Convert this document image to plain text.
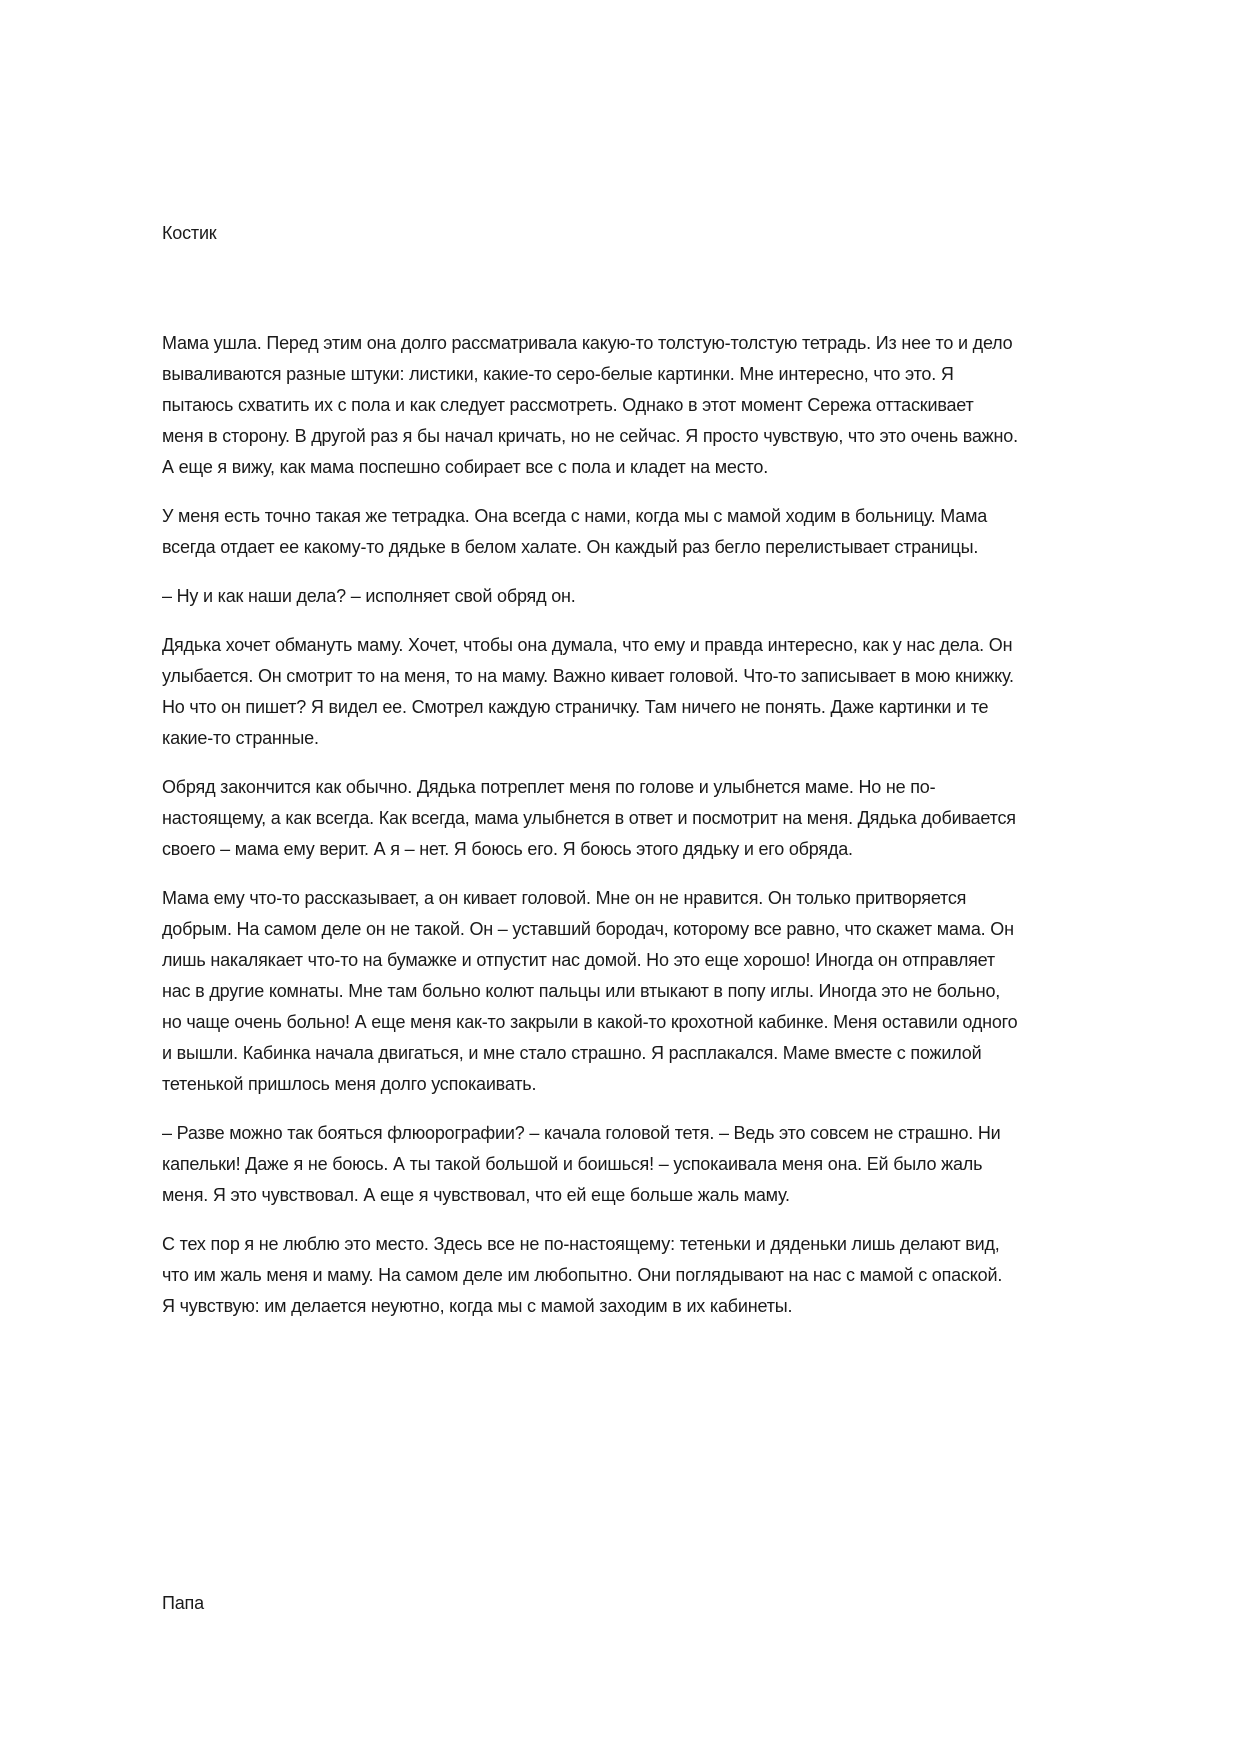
Костик

Мама ушла. Перед этим она долго рассматривала какую-то толстую-толстую тетрадь. Из нее то и дело вываливаются разные штуки: листики, какие-то серо-белые картинки. Мне интересно, что это. Я пытаюсь схватить их с пола и как следует рассмотреть. Однако в этот момент Сережа оттаскивает меня в сторону. В другой раз я бы начал кричать, но не сейчас. Я просто чувствую, что это очень важно. А еще я вижу, как мама поспешно собирает все с пола и кладет на место.

У меня есть точно такая же тетрадка. Она всегда с нами, когда мы с мамой ходим в больницу. Мама всегда отдает ее какому-то дядьке в белом халате. Он каждый раз бегло перелистывает страницы.

– Ну и как наши дела? – исполняет свой обряд он.

Дядька хочет обмануть маму. Хочет, чтобы она думала, что ему и правда интересно, как у нас дела. Он улыбается. Он смотрит то на меня, то на маму. Важно кивает головой. Что-то записывает в мою книжку. Но что он пишет? Я видел ее. Смотрел каждую страничку. Там ничего не понять. Даже картинки и те какие-то странные.

Обряд закончится как обычно. Дядька потреплет меня по голове и улыбнется маме. Но не по-настоящему, а как всегда. Как всегда, мама улыбнется в ответ и посмотрит на меня. Дядька добивается своего – мама ему верит. А я – нет. Я боюсь его. Я боюсь этого дядьку и его обряда.

Мама ему что-то рассказывает, а он кивает головой. Мне он не нравится. Он только притворяется добрым. На самом деле он не такой. Он – уставший бородач, которому все равно, что скажет мама. Он лишь накалякает что-то на бумажке и отпустит нас домой. Но это еще хорошо! Иногда он отправляет нас в другие комнаты. Мне там больно колют пальцы или втыкают в попу иглы. Иногда это не больно, но чаще очень больно! А еще меня как-то закрыли в какой-то крохотной кабинке. Меня оставили одного и вышли. Кабинка начала двигаться, и мне стало страшно. Я расплакался. Маме вместе с пожилой тетенькой пришлось меня долго успокаивать.

– Разве можно так бояться флюорографии? – качала головой тетя. – Ведь это совсем не страшно. Ни капельки! Даже я не боюсь. А ты такой большой и боишься! – успокаивала меня она. Ей было жаль меня. Я это чувствовал. А еще я чувствовал, что ей еще больше жаль маму.

С тех пор я не люблю это место. Здесь все не по-настоящему: тетеньки и дяденьки лишь делают вид, что им жаль меня и маму. На самом деле им любопытно. Они поглядывают на нас с мамой с опаской. Я чувствую: им делается неуютно, когда мы с мамой заходим в их кабинеты.

Папа
